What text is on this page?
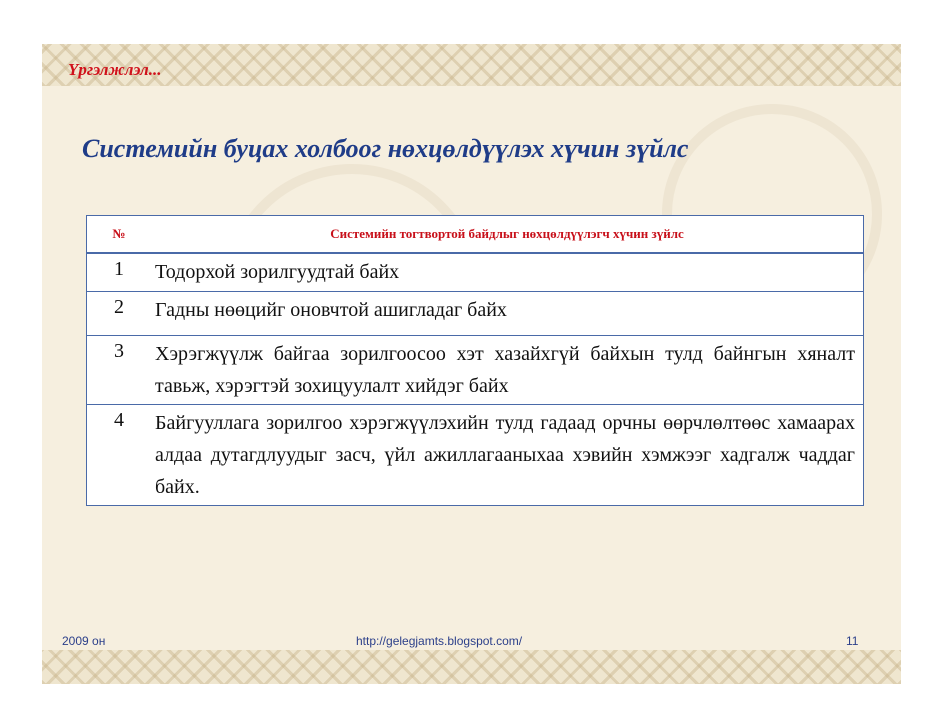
Үргэлжлэл...
Системийн буцах холбоог нөхцөлдүүлэх хүчин зүйлс
№	Системийн тогтвортой байдлыг нөхцөлдүүлэгч хүчин зүйлс
1	Тодорхой зорилгуудтай байх
2	Гадны нөөцийг оновчтой ашигладаг байх
3	Хэрэгжүүлж байгаа зорилгоосоо хэт хазайхгүй байхын тулд байнгын хяналт тавьж, хэрэгтэй зохицуулалт хийдэг байх
4	Байгууллага зорилгоо хэрэгжүүлэхийн тулд гадаад орчны өөрчлөлтөөс хамаарах алдаа дутагдлуудыг засч, үйл ажиллагааныхаа хэвийн хэмжээг хадгалж чаддаг байх.
2009 он	http://gelegjamts.blogspot.com/	11
